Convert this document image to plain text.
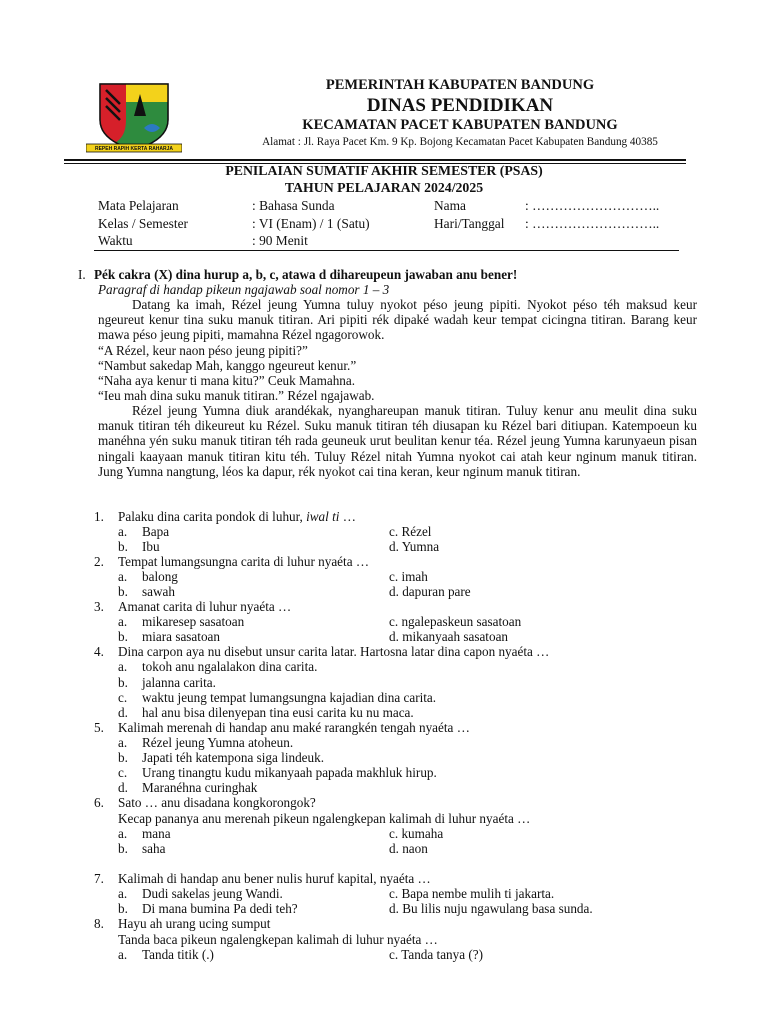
REPEH RAPIH KERTA RAHARJA
PEMERINTAH KABUPATEN BANDUNG
DINAS PENDIDIKAN
KECAMATAN PACET KABUPATEN BANDUNG
Alamat : Jl. Raya Pacet Km. 9 Kp. Bojong Kecamatan Pacet Kabupaten Bandung 40385
PENILAIAN SUMATIF AKHIR SEMESTER (PSAS)
TAHUN PELAJARAN 2024/2025
Mata Pelajaran	: Bahasa Sunda	Nama	: ………………………..
Kelas / Semester	: VI (Enam) / 1 (Satu)	Hari/Tanggal : ………………………..
Waktu	: 90 Menit
I. Pék cakra (X) dina hurup a, b, c, atawa d dihareupeun jawaban anu bener!
Paragraf di handap pikeun ngajawab soal nomor 1 – 3
Datang ka imah, Rézel jeung Yumna tuluy nyokot péso jeung pipiti. Nyokot péso téh maksud keur ngeureut kenur tina suku manuk titiran. Ari pipiti rék dipaké wadah keur tempat cicingna titiran. Barang keur mawa péso jeung pipiti, mamahna Rézel ngagorowok.
“A Rézel, keur naon péso jeung pipiti?”
“Nambut sakedap Mah, kanggo ngeureut kenur.”
“Naha aya kenur ti mana kitu?” Ceuk Mamahna.
“Ieu mah dina suku manuk titiran.” Rézel ngajawab.
Rézel jeung Yumna diuk arandékak, nyanghareupan manuk titiran. Tuluy kenur anu meulit dina suku manuk titiran téh dikeureut ku Rézel. Suku manuk titiran téh diusapan ku Rézel bari ditiupan. Katempoeun ku manéhna yén suku manuk titiran téh rada geuneuk urut beulitan kenur téa. Rézel jeung Yumna karunyaeun pisan ningali kaayaan manuk titiran kitu téh. Tuluy Rézel nitah Yumna nyokot cai atah keur nginum manuk titiran. Jung Yumna nangtung, léos ka dapur, rék nyokot cai tina keran, keur nginum manuk titiran.
1. Palaku dina carita pondok di luhur, iwal ti …
a. Bapa	c. Rézel
b. Ibu	d. Yumna
2. Tempat lumangsungna carita di luhur nyaéta …
a. balong	c. imah
b. sawah	d. dapuran pare
3. Amanat carita di luhur nyaéta …
a. mikaresep sasatoan	c. ngalepaskeun sasatoan
b. miara sasatoan	d. mikanyaah sasatoan
4. Dina carpon aya nu disebut unsur carita latar. Hartosna latar dina capon nyaéta …
a. tokoh anu ngalalakon dina carita.
b. jalanna carita.
c. waktu jeung tempat lumangsungna kajadian dina carita.
d. hal anu bisa dilenyepan tina eusi carita ku nu maca.
5. Kalimah merenah di handap anu maké rarangkén tengah nyaéta …
a. Rézel jeung Yumna atoheun.
b. Japati téh katempona siga lindeuk.
c. Urang tinangtu kudu mikanyaah papada makhluk hirup.
d. Maranéhna curinghak
6. Sato … anu disadana kongkorongok?
Kecap pananya anu merenah pikeun ngalengkepan kalimah di luhur nyaéta …
a. mana	c. kumaha
b. saha	d. naon
7. Kalimah di handap anu bener nulis huruf kapital, nyaéta …
a. Dudi sakelas jeung Wandi.	c. Bapa nembe mulih ti jakarta.
b. Di mana bumina Pa dedi teh?	d. Bu lilis nuju ngawulang basa sunda.
8. Hayu ah urang ucing sumput
Tanda baca pikeun ngalengkepan kalimah di luhur nyaéta …
a. Tanda titik (.)	c. Tanda tanya (?)
